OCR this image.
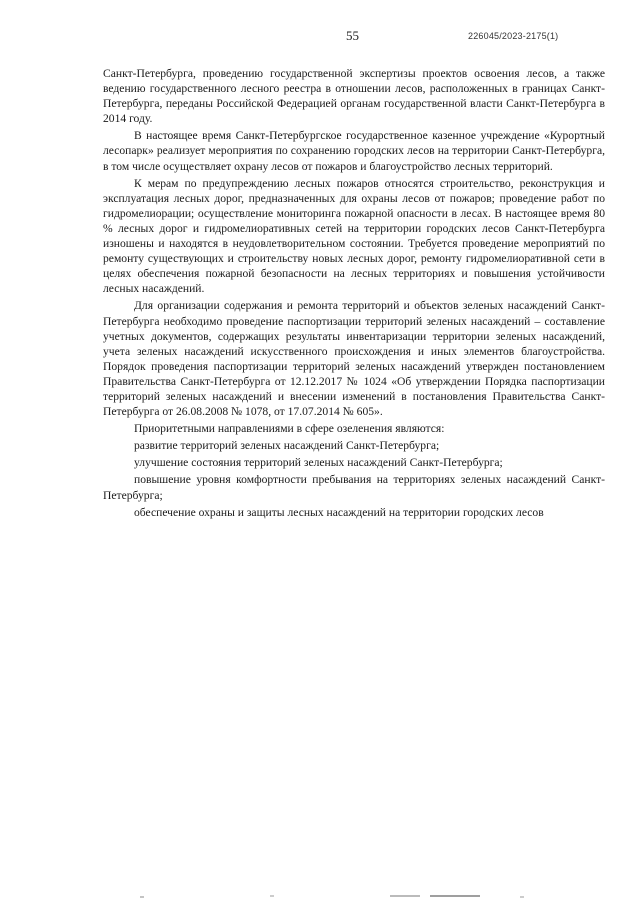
55	226045/2023-2175(1)

Санкт-Петербурга, проведению государственной экспертизы проектов освоения лесов, а также ведению государственного лесного реестра в отношении лесов, расположенных в границах Санкт-Петербурга, переданы Российской Федерацией органам государственной власти Санкт-Петербурга в 2014 году.

В настоящее время Санкт-Петербургское государственное казенное учреждение «Курортный лесопарк» реализует мероприятия по сохранению городских лесов на территории Санкт-Петербурга, в том числе осуществляет охрану лесов от пожаров и благоустройство лесных территорий.

К мерам по предупреждению лесных пожаров относятся строительство, реконструкция и эксплуатация лесных дорог, предназначенных для охраны лесов от пожаров; проведение работ по гидромелиорации; осуществление мониторинга пожарной опасности в лесах. В настоящее время 80 % лесных дорог и гидромелиоративных сетей на территории городских лесов Санкт-Петербурга изношены и находятся в неудовлетворительном состоянии. Требуется проведение мероприятий по ремонту существующих и строительству новых лесных дорог, ремонту гидромелиоративной сети в целях обеспечения пожарной безопасности на лесных территориях и повышения устойчивости лесных насаждений.

Для организации содержания и ремонта территорий и объектов зеленых насаждений Санкт-Петербурга необходимо проведение паспортизации территорий зеленых насаждений – составление учетных документов, содержащих результаты инвентаризации территории зеленых насаждений, учета зеленых насаждений искусственного происхождения и иных элементов благоустройства. Порядок проведения паспортизации территорий зеленых насаждений утвержден постановлением Правительства Санкт-Петербурга от 12.12.2017 № 1024 «Об утверждении Порядка паспортизации территорий зеленых насаждений и внесении изменений в постановления Правительства Санкт-Петербурга от 26.08.2008 № 1078, от 17.07.2014 № 605».

Приоритетными направлениями в сфере озеленения являются:

развитие территорий зеленых насаждений Санкт-Петербурга;

улучшение состояния территорий зеленых насаждений Санкт-Петербурга;

повышение уровня комфортности пребывания на территориях зеленых насаждений Санкт-Петербурга;

обеспечение охраны и защиты лесных насаждений на территории городских лесов
